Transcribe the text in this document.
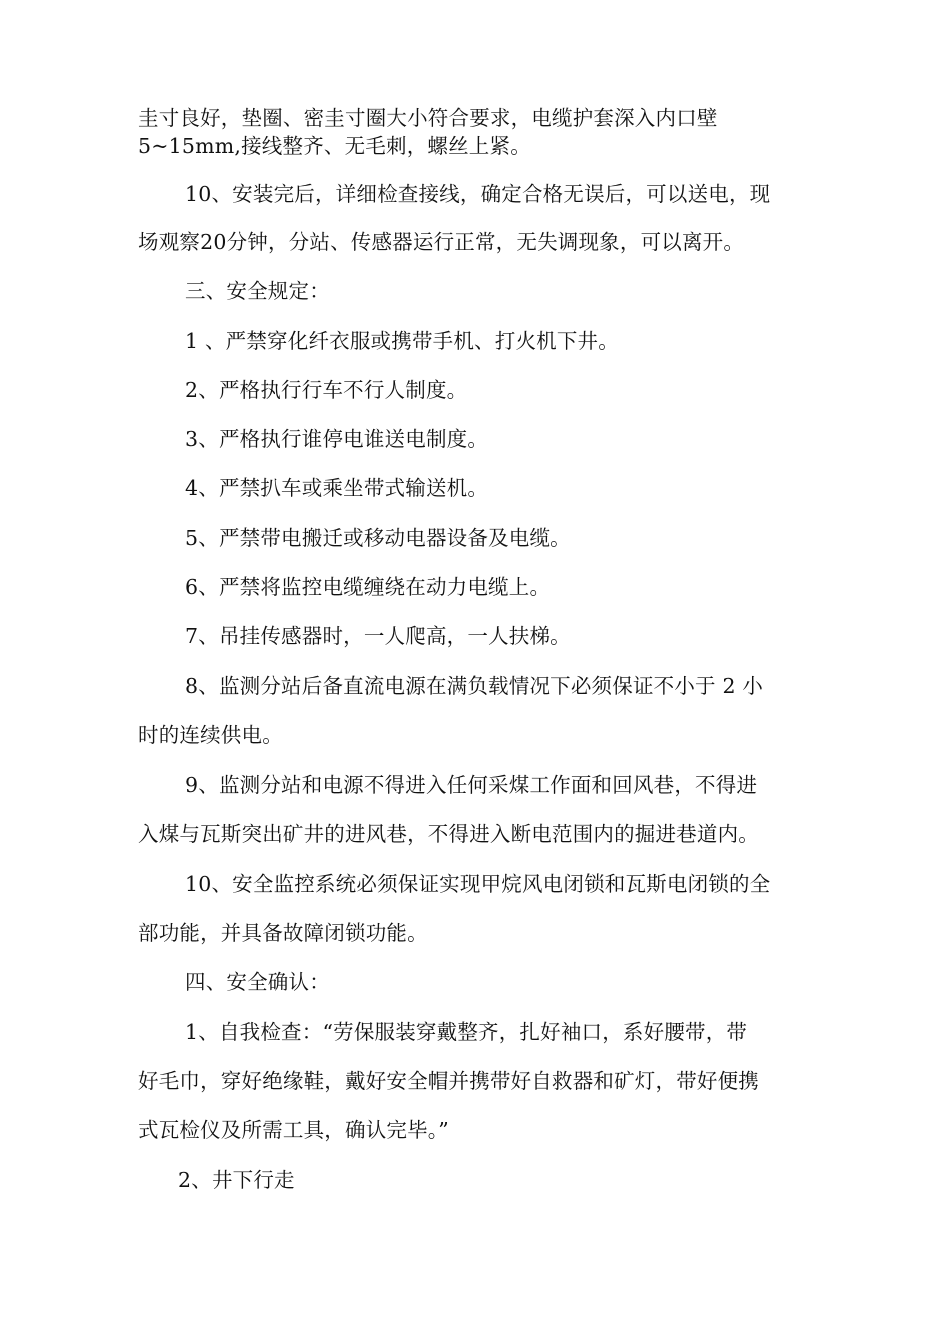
圭寸良好，垫圈、密圭寸圈大小符合要求，电缆护套深入内口壁
5~15mm,接线整齐、无毛刺，螺丝上紧。
10、安装完后，详细检查接线，确定合格无误后，可以送电，现
场观察20分钟，分站、传感器运行正常，无失调现象，可以离开。
三、安全规定：
1 、严禁穿化纤衣服或携带手机、打火机下井。
2、严格执行行车不行人制度。
3、严格执行谁停电谁送电制度。
4、严禁扒车或乘坐带式输送机。
5、严禁带电搬迁或移动电器设备及电缆。
6、严禁将监控电缆缠绕在动力电缆上。
7、吊挂传感器时，一人爬高，一人扶梯。
8、监测分站后备直流电源在满负载情况下必须保证不小于 2 小
时的连续供电。
9、监测分站和电源不得进入任何采煤工作面和回风巷，不得进
入煤与瓦斯突出矿井的进风巷，不得进入断电范围内的掘进巷道内。
10、安全监控系统必须保证实现甲烷风电闭锁和瓦斯电闭锁的全
部功能，并具备故障闭锁功能。
四、安全确认：
1、自我检查：“劳保服装穿戴整齐，扎好袖口，系好腰带，带
好毛巾，穿好绝缘鞋，戴好安全帽并携带好自救器和矿灯，带好便携
式瓦检仪及所需工具，确认完毕。”
2、井下行走
